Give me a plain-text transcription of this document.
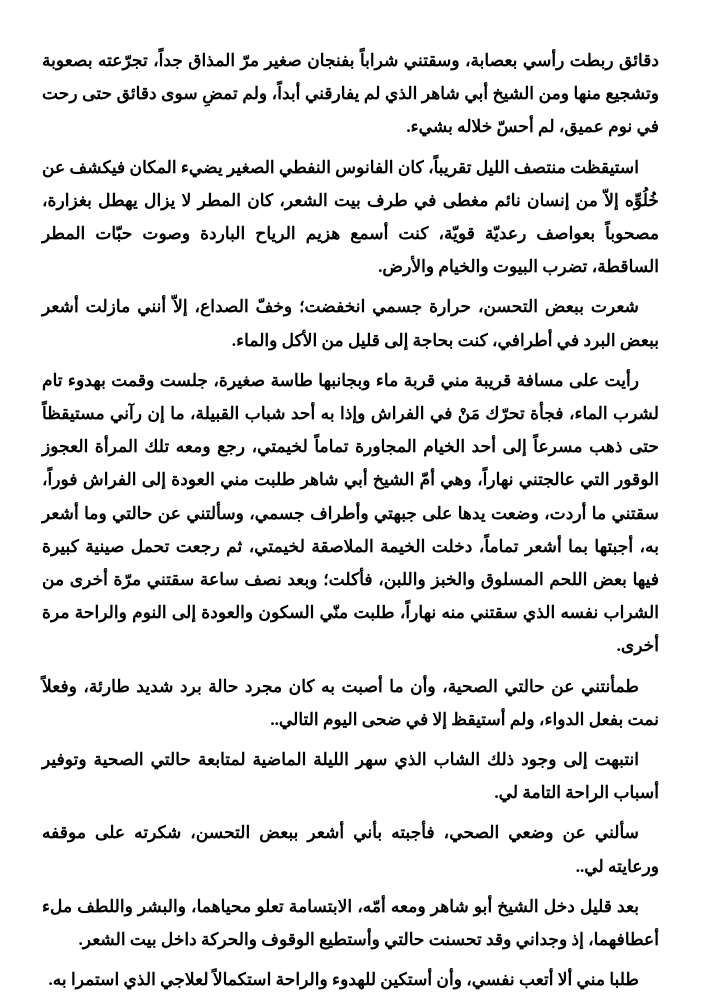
دقائق ربطت رأسي بعصابة، وسقتني شراباً بفنجان صغير مرّ المذاق جداً، تجرّعته بصعوبة وتشجيع منها ومن الشيخ أبي شاهر الذي لم يفارقني أبداً، ولم تمضِ سوى دقائق حتى رحت في نوم عميق، لم أحسّ خلاله بشيء.

استيقظت منتصف الليل تقريباً، كان الفانوس النفطي الصغير يضيء المكان فيكشف عن خُلُوِّه إلاّ من إنسان نائم مغطى في طرف بيت الشعر، كان المطر لا يزال يهطل بغزارة، مصحوباً بعواصف رعديّة قويّة، كنت أسمع هزيم الرياح الباردة وصوت حبّات المطر الساقطة، تضرب البيوت والخيام والأرض.

شعرت ببعض التحسن، حرارة جسمي انخفضت؛ وخفّ الصداع، إلاّ أنني مازلت أشعر ببعض البرد في أطرافي، كنت بحاجة إلى قليل من الأكل والماء.

رأيت على مسافة قريبة مني قربة ماء وبجانبها طاسة صغيرة، جلست وقمت بهدوء تام لشرب الماء، فجأة تحرّك مَنْ في الفراش وإذا به أحد شباب القبيلة، ما إن رآني مستيقظاً حتى ذهب مسرعاً إلى أحد الخيام المجاورة تماماً لخيمتي، رجع ومعه تلك المرأة العجوز الوقور التي عالجتني نهاراً، وهي أمّ الشيخ أبي شاهر طلبت مني العودة إلى الفراش فوراً، سقتني ما أردت، وضعت يدها على جبهتي وأطراف جسمي، وسألتني عن حالتي وما أشعر به، أجبتها بما أشعر تماماً، دخلت الخيمة الملاصقة لخيمتي، ثم رجعت تحمل صينية كبيرة فيها بعض اللحم المسلوق والخبز واللبن، فأكلت؛ وبعد نصف ساعة سقتني مرّة أخرى من الشراب نفسه الذي سقتني منه نهاراً، طلبت منّي السكون والعودة إلى النوم والراحة مرة أخرى.

طمأنتني عن حالتي الصحية، وأن ما أصبت به كان مجرد حالة برد شديد طارئة، وفعلاً نمت بفعل الدواء، ولم أستيقظ إلا في ضحى اليوم التالي..

انتبهت إلى وجود ذلك الشاب الذي سهر الليلة الماضية لمتابعة حالتي الصحية وتوفير أسباب الراحة التامة لي.

سألني عن وضعي الصحي، فأجبته بأني أشعر ببعض التحسن، شكرته على موقفه ورعايته لي..

بعد قليل دخل الشيخ أبو شاهر ومعه أمّه، الابتسامة تعلو محياهما، والبشر واللطف ملء أعطافهما، إذ وجداني وقد تحسنت حالتي وأستطيع الوقوف والحركة داخل بيت الشعر.

طلبا مني ألا أتعب نفسي، وأن أستكين للهدوء والراحة استكمالاً لعلاجي الذي استمرا به.
